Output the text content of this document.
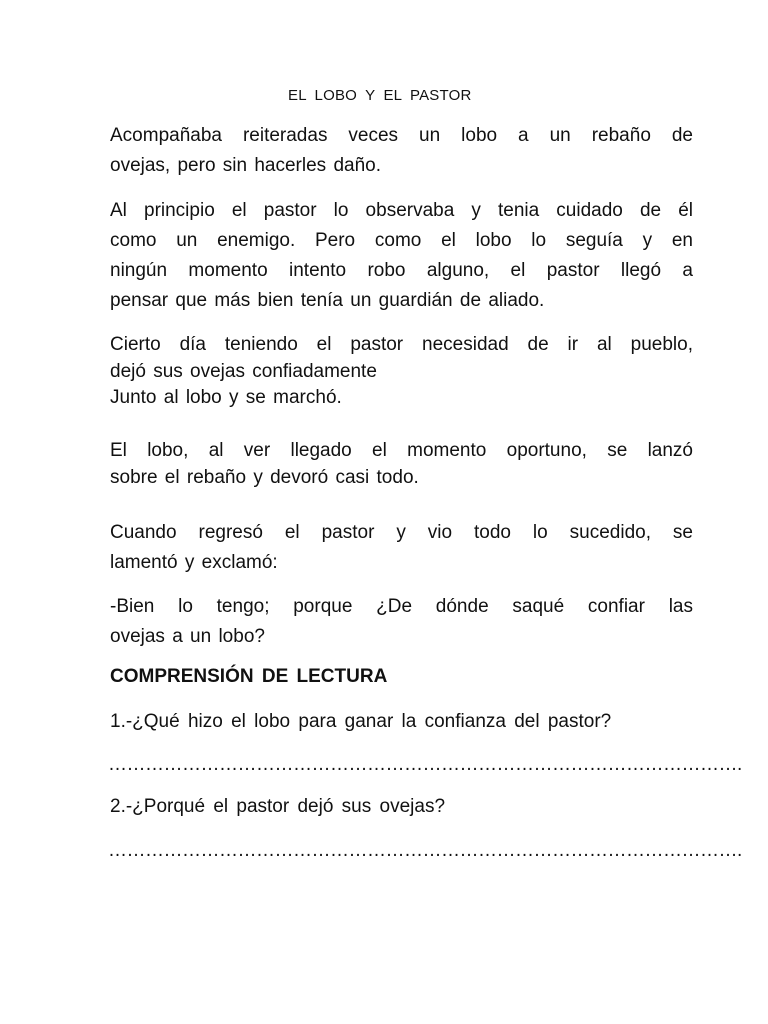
EL LOBO Y EL PASTOR
Acompañaba reiteradas veces un lobo a un rebaño de
ovejas, pero sin hacerles daño.
Al principio el pastor lo observaba y tenia cuidado de él
como un enemigo. Pero como el lobo lo seguía y en
ningún momento intento robo alguno, el pastor llegó a
pensar que más bien tenía un guardián de aliado.
Cierto día teniendo el pastor necesidad de ir al pueblo,
dejó sus ovejas confiadamente
Junto al lobo y se marchó.
El lobo, al ver llegado el momento oportuno, se lanzó
sobre el rebaño y devoró casi todo.
Cuando regresó el pastor y vio todo lo sucedido, se
lamentó y exclamó:
-Bien lo tengo; porque ¿De dónde saqué confiar las
ovejas a un lobo?
COMPRENSIÓN DE LECTURA
1.-¿Qué hizo el lobo para ganar la confianza del pastor?
………………………………………………………………………………………….
2.-¿Porqué el pastor dejó sus ovejas?
………………………………………………………………………………………….
